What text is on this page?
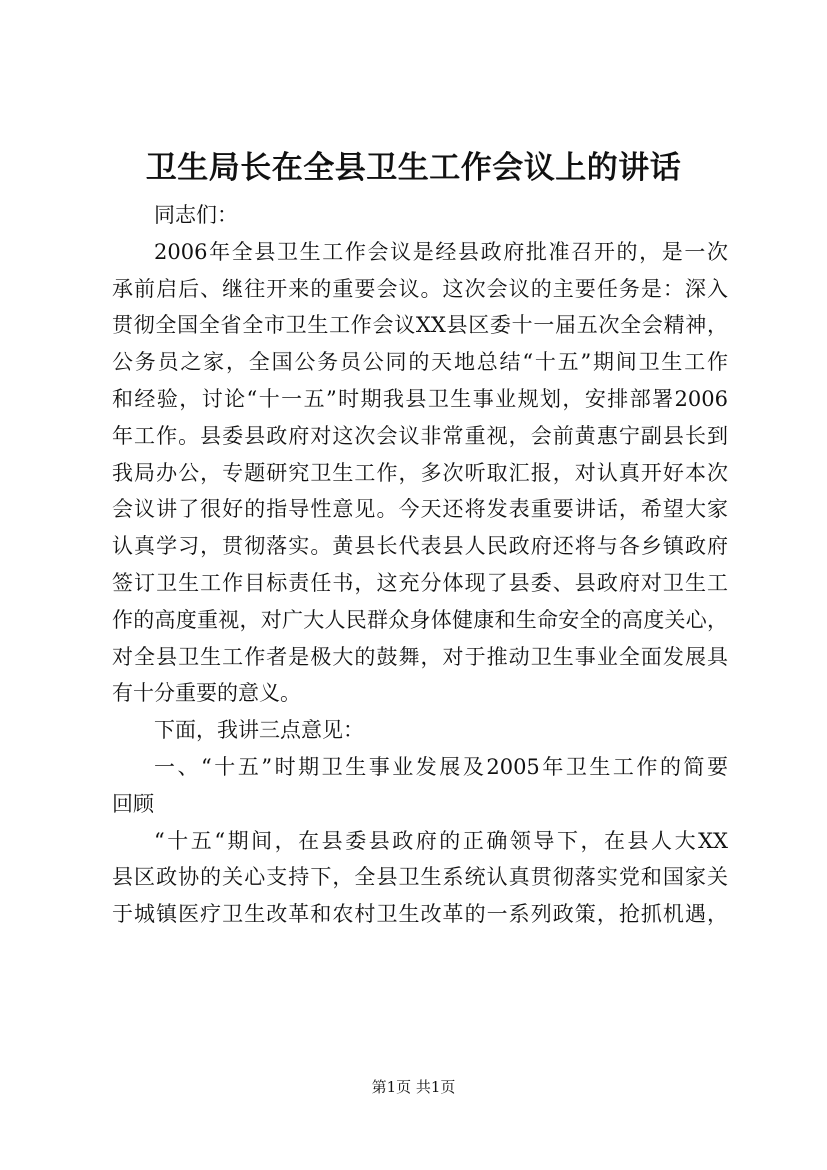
卫生局长在全县卫生工作会议上的讲话
同志们：
2006年全县卫生工作会议是经县政府批准召开的，是一次
承前启后、继往开来的重要会议。这次会议的主要任务是：深入
贯彻全国全省全市卫生工作会议XX县区委十一届五次全会精神，
公务员之家，全国公务员公同的天地总结“十五”期间卫生工作
和经验，讨论“十一五”时期我县卫生事业规划，安排部署2006
年工作。县委县政府对这次会议非常重视，会前黄惠宁副县长到
我局办公，专题研究卫生工作，多次听取汇报，对认真开好本次
会议讲了很好的指导性意见。今天还将发表重要讲话，希望大家
认真学习，贯彻落实。黄县长代表县人民政府还将与各乡镇政府
签订卫生工作目标责任书，这充分体现了县委、县政府对卫生工
作的高度重视，对广大人民群众身体健康和生命安全的高度关心，
对全县卫生工作者是极大的鼓舞，对于推动卫生事业全面发展具
有十分重要的意义。
下面，我讲三点意见：
一、“十五”时期卫生事业发展及2005年卫生工作的简要
回顾
“十五“期间，在县委县政府的正确领导下，在县人大XX
县区政协的关心支持下，全县卫生系统认真贯彻落实党和国家关
于城镇医疗卫生改革和农村卫生改革的一系列政策，抢抓机遇，
第1页 共1页
